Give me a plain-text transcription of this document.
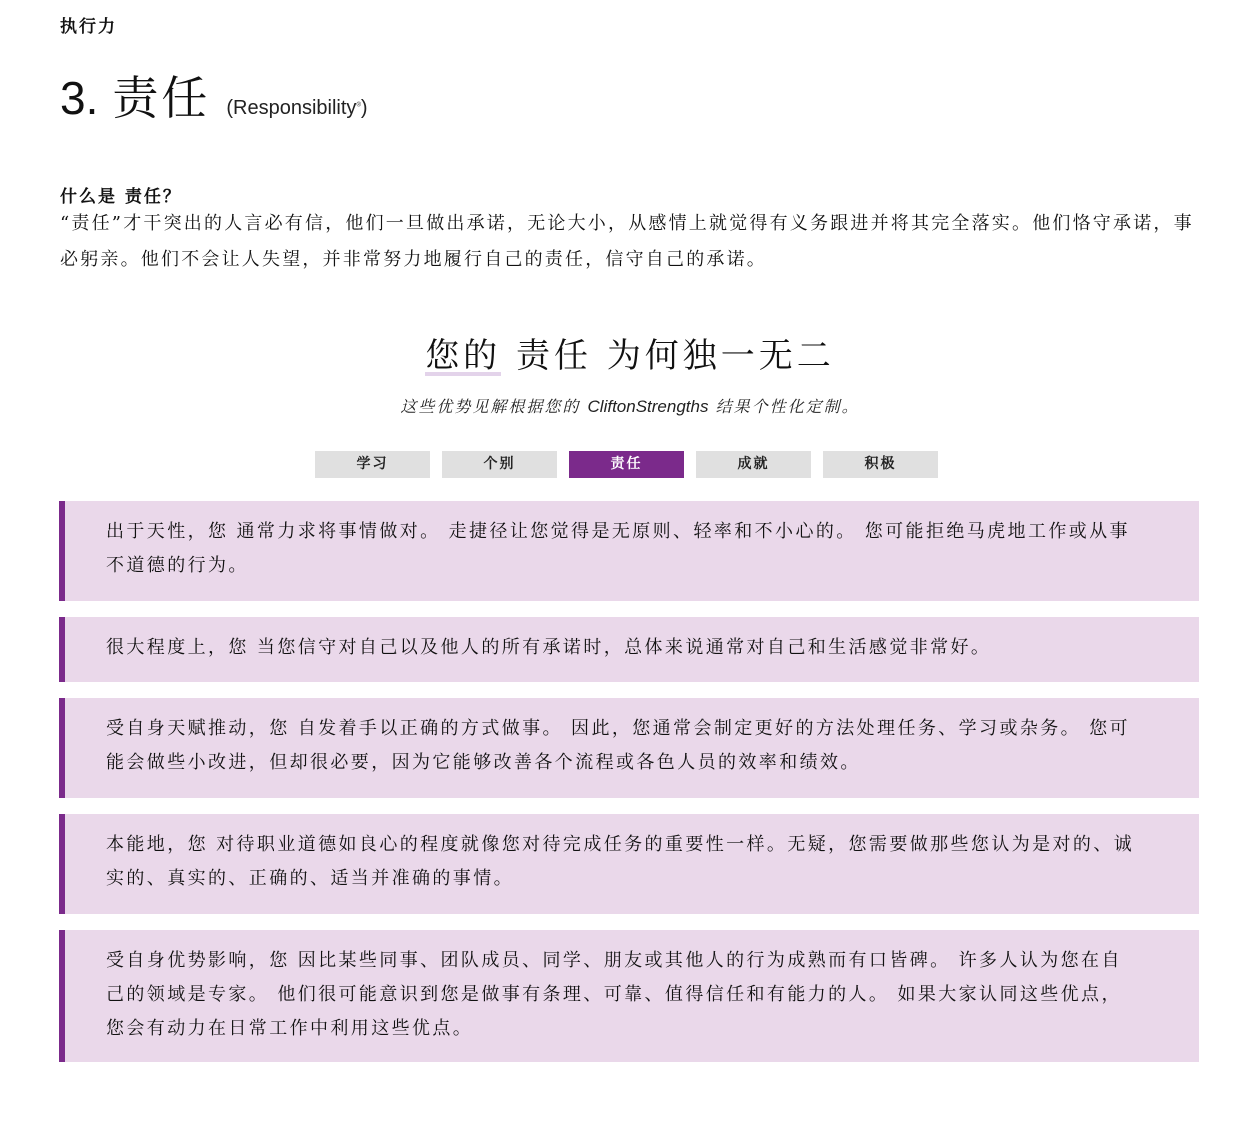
执行力
3. 责任 (Responsibility®)
什么是 责任？
“责任”才干突出的人言必有信，他们一旦做出承诺，无论大小，从感情上就觉得有义务跟进并将其完全落实。他们恪守承诺，事必躬亲。他们不会让人失望，并非常努力地履行自己的责任，信守自己的承诺。
您的 责任 为何独一无二
这些优势见解根据您的 CliftonStrengths 结果个性化定制。
学习	个别	责任	成就	积极
出于天性，您 通常力求将事情做对。 走捷径让您觉得是无原则、轻率和不小心的。 您可能拒绝马虎地工作或从事不道德的行为。
很大程度上，您 当您信守对自己以及他人的所有承诺时，总体来说通常对自己和生活感觉非常好。
受自身天赋推动，您 自发着手以正确的方式做事。 因此，您通常会制定更好的方法处理任务、学习或杂务。 您可能会做些小改进，但却很必要，因为它能够改善各个流程或各色人员的效率和绩效。
本能地，您 对待职业道德如良心的程度就像您对待完成任务的重要性一样。无疑，您需要做那些您认为是对的、诚实的、真实的、正确的、适当并准确的事情。
受自身优势影响，您 因比某些同事、团队成员、同学、朋友或其他人的行为成熟而有口皆碑。 许多人认为您在自己的领域是专家。 他们很可能意识到您是做事有条理、可靠、值得信任和有能力的人。 如果大家认同这些优点，您会有动力在日常工作中利用这些优点。
